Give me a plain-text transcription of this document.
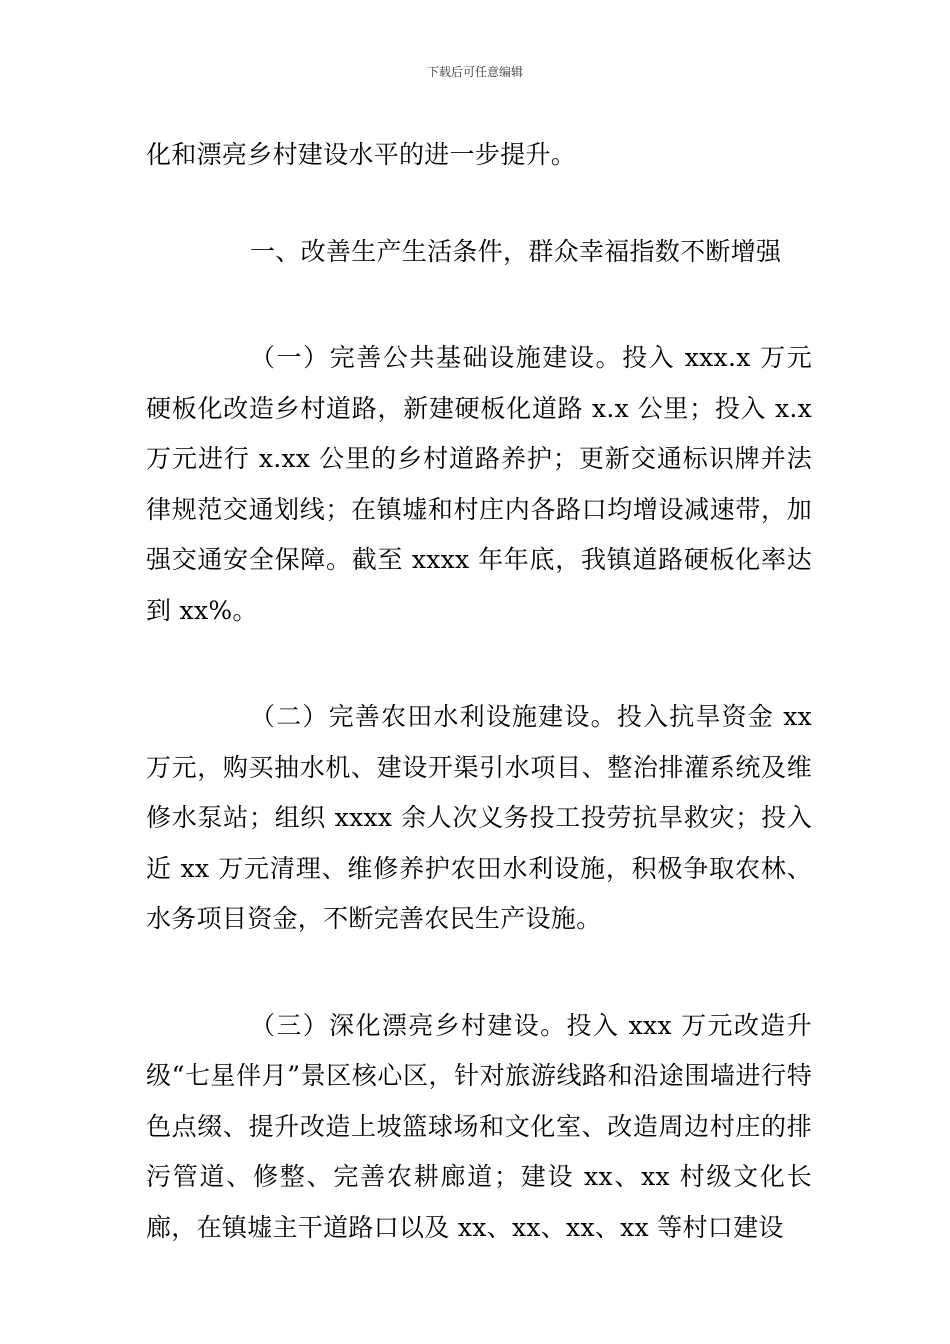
下载后可任意编辑

化和漂亮乡村建设水平的进一步提升。

一、改善生产生活条件，群众幸福指数不断增强

（一）完善公共基础设施建设。投入 xxx.x 万元硬板化改造乡村道路，新建硬板化道路 x.x 公里；投入 x.x 万元进行 x.xx 公里的乡村道路养护；更新交通标识牌并法律规范交通划线；在镇墟和村庄内各路口均增设减速带，加强交通安全保障。截至 xxxx 年年底，我镇道路硬板化率达到 xx%。

（二）完善农田水利设施建设。投入抗旱资金 xx 万元，购买抽水机、建设开渠引水项目、整治排灌系统及维修水泵站；组织 xxxx 余人次义务投工投劳抗旱救灾；投入近 xx 万元清理、维修养护农田水利设施，积极争取农林、水务项目资金，不断完善农民生产设施。

（三）深化漂亮乡村建设。投入 xxx 万元改造升级“七星伴月”景区核心区，针对旅游线路和沿途围墙进行特色点缀、提升改造上坡篮球场和文化室、改造周边村庄的排污管道、修整、完善农耕廊道；建设 xx、xx 村级文化长廊，在镇墟主干道路口以及 xx、xx、xx、xx 等村口建设
